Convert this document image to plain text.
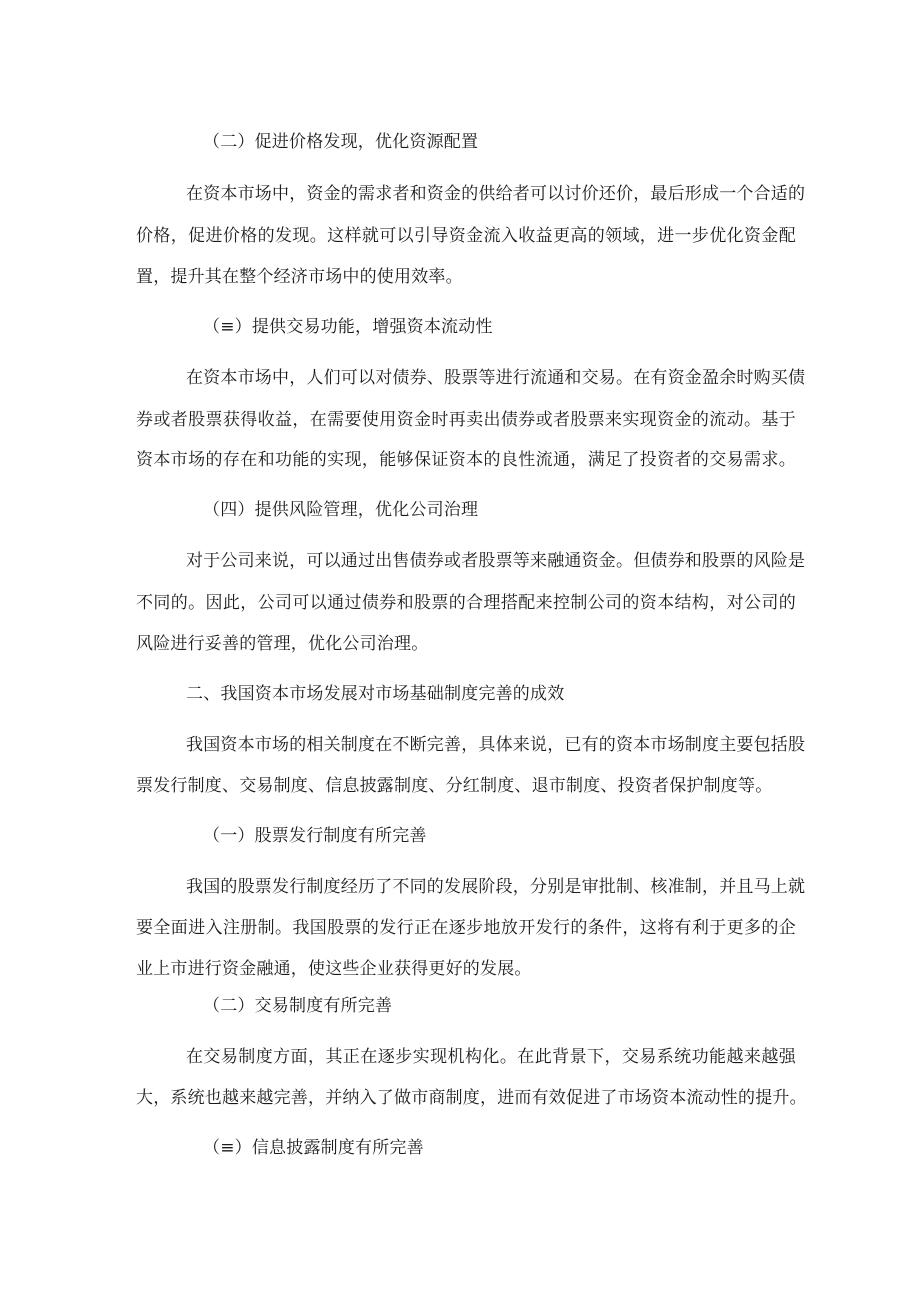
（二）促进价格发现，优化资源配置

在资本市场中，资金的需求者和资金的供给者可以讨价还价，最后形成一个合适的

价格，促进价格的发现。这样就可以引导资金流入收益更高的领域，进一步优化资金配

置，提升其在整个经济市场中的使用效率。

（≡）提供交易功能，增强资本流动性

在资本市场中，人们可以对债券、股票等进行流通和交易。在有资金盈余时购买债

券或者股票获得收益，在需要使用资金时再卖出债券或者股票来实现资金的流动。基于

资本市场的存在和功能的实现，能够保证资本的良性流通，满足了投资者的交易需求。

（四）提供风险管理，优化公司治理

对于公司来说，可以通过出售债券或者股票等来融通资金。但债券和股票的风险是

不同的。因此，公司可以通过债券和股票的合理搭配来控制公司的资本结构，对公司的

风险进行妥善的管理，优化公司治理。

二、我国资本市场发展对市场基础制度完善的成效

我国资本市场的相关制度在不断完善，具体来说，已有的资本市场制度主要包括股

票发行制度、交易制度、信息披露制度、分红制度、退市制度、投资者保护制度等。

（一）股票发行制度有所完善

我国的股票发行制度经历了不同的发展阶段，分别是审批制、核准制，并且马上就

要全面进入注册制。我国股票的发行正在逐步地放开发行的条件，这将有利于更多的企

业上市进行资金融通，使这些企业获得更好的发展。

（二）交易制度有所完善

在交易制度方面，其正在逐步实现机构化。在此背景下，交易系统功能越来越强

大，系统也越来越完善，并纳入了做市商制度，进而有效促进了市场资本流动性的提升。

（≡）信息披露制度有所完善
